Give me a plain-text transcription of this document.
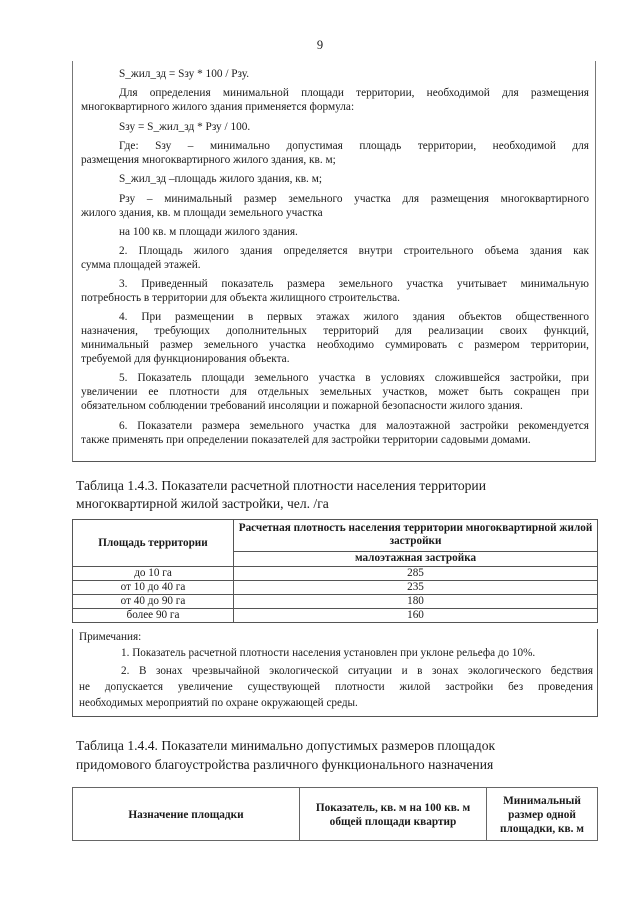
9
S_жил_зд = Sзу * 100 / Pзу.
Для определения минимальной площади территории, необходимой для размещения
многоквартирного жилого здания применяется формула:
Sзу = S_жил_зд * Рзу / 100.
Где: Sзу – минимально допустимая площадь территории, необходимой для
размещения многоквартирного жилого здания, кв. м;
S_жил_зд –площадь жилого здания, кв. м;
Рзу – минимальный размер земельного участка для размещения многоквартирного
жилого здания, кв. м площади земельного участка
на 100 кв. м площади жилого здания.
2. Площадь жилого здания определяется внутри строительного объема здания как
сумма площадей этажей.
3. Приведенный показатель размера земельного участка учитывает минимальную
потребность в территории для объекта жилищного строительства.
4. При размещении в первых этажах жилого здания объектов общественного
назначения, требующих дополнительных территорий для реализации своих функций,
минимальный размер земельного участка необходимо суммировать с размером территории,
требуемой для функционирования объекта.
5. Показатель площади земельного участка в условиях сложившейся застройки, при
увеличении ее плотности для отдельных земельных участков, может быть сокращен при
обязательном соблюдении требований инсоляции и пожарной безопасности жилого здания.
6. Показатели размера земельного участка для малоэтажной застройки рекомендуется
также применять при определении показателей для застройки территории садовыми домами.
Таблица 1.4.3. Показатели расчетной плотности населения территории
многоквартирной жилой застройки, чел. /га
Площадь территории	Расчетная плотность населения территории многоквартирной жилой застройки
	малоэтажная застройка
до 10 га	285
от 10 до 40 га	235
от 40 до 90 га	180
более 90 га	160
Примечания:
1. Показатель расчетной плотности населения установлен при уклоне рельефа до 10%.
2. В зонах чрезвычайной экологической ситуации и в зонах экологического бедствия
не допускается увеличение существующей плотности жилой застройки без проведения
необходимых мероприятий по охране окружающей среды.
Таблица 1.4.4. Показатели минимально допустимых размеров площадок
придомового благоустройства различного функционального назначения
Назначение площадки	Показатель, кв. м на 100 кв. м общей площади квартир	Минимальный размер одной площадки, кв. м
